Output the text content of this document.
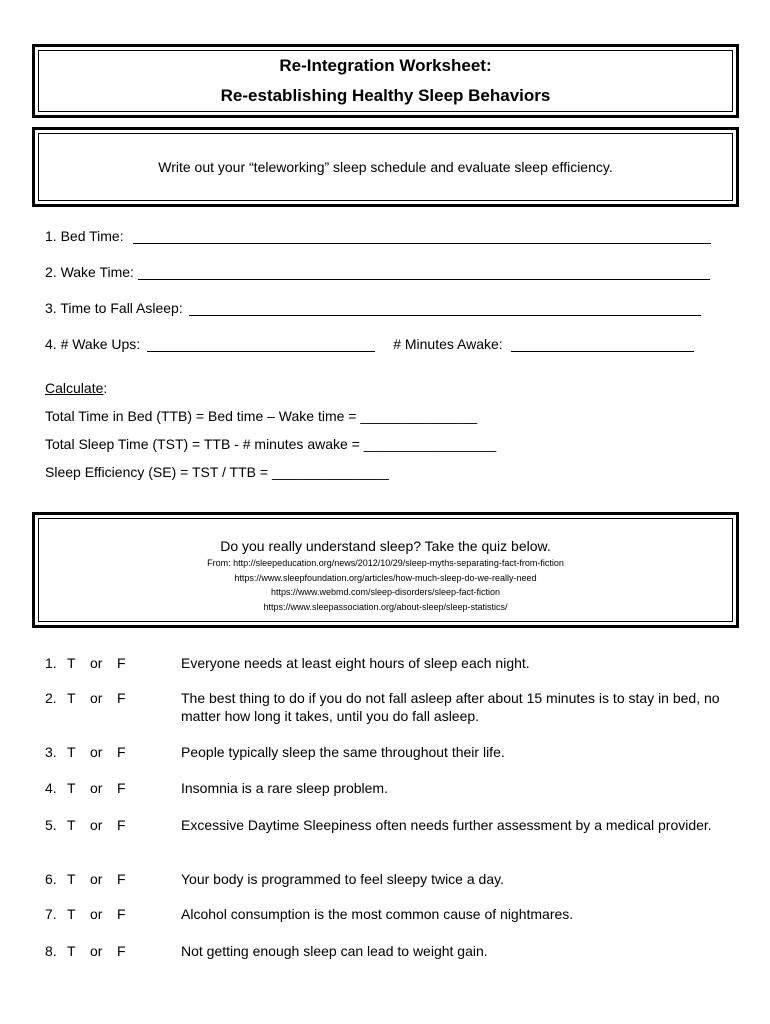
Re-Integration Worksheet:
Re-establishing Healthy Sleep Behaviors
Write out your “teleworking” sleep schedule and evaluate sleep efficiency.
1. Bed Time:
2. Wake Time:
3. Time to Fall Asleep:
4. # Wake Ups:	# Minutes Awake:
Calculate:
Total Time in Bed (TTB) = Bed time – Wake time = _______________
Total Sleep Time (TST) = TTB - # minutes awake = _________________
Sleep Efficiency (SE) = TST / TTB = _______________
Do you really understand sleep? Take the quiz below.
From: http://sleepeducation.org/news/2012/10/29/sleep-myths-separating-fact-from-fiction
https://www.sleepfoundation.org/articles/how-much-sleep-do-we-really-need
https://www.webmd.com/sleep-disorders/sleep-fact-fiction
https://www.sleepassociation.org/about-sleep/sleep-statistics/
1. T	or	F	Everyone needs at least eight hours of sleep each night.
2. T	or	F	The best thing to do if you do not fall asleep after about 15 minutes is to stay in bed, no matter how long it takes, until you do fall asleep.
3. T	or	F	People typically sleep the same throughout their life.
4. T	or	F	Insomnia is a rare sleep problem.
5. T	or	F	Excessive Daytime Sleepiness often needs further assessment by a medical provider.
6. T	or	F	Your body is programmed to feel sleepy twice a day.
7. T	or	F	Alcohol consumption is the most common cause of nightmares.
8. T	or	F	Not getting enough sleep can lead to weight gain.
